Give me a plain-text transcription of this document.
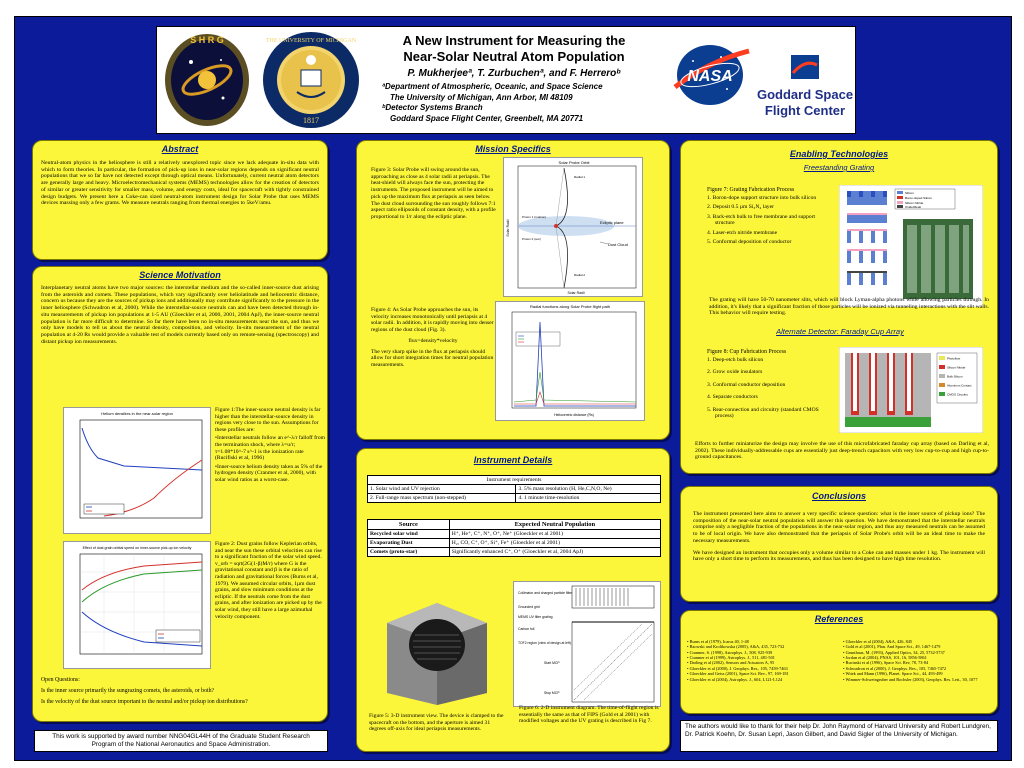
S H R G	THE UNIVERSITY OF MICHIGAN
1817
A New Instrument for Measuring the
Near-Solar Neutral Atom Population
P. Mukherjeeª, T. Zurbuchenª, and F. Herreroᵇ
ªDepartment of Atmospheric, Oceanic, and Space Science
The University of Michigan, Ann Arbor, MI 48109
ᵇDetector Systems Branch
Goddard Space Flight Center, Greenbelt, MA 20771
NASA
Goddard Space
Flight Center
Abstract
Neutral-atom physics in the heliosphere is still a relatively unexplored topic since we lack adequate in-situ data with which to form theories. In particular, the formation of pick-up ions in near-solar regions depends on significant neutral populations that we so far have not detected except through optical means. Unfortunately, current neutral atom detectors are generally large and heavy. Microelectromechanical systems (MEMS) technologies allow for the creation of detectors of similar or greater sensitivity for smaller mass, volume, and energy costs, ideal for spacecraft with tightly constrained design budgets. We present here a Coke-can sized neutral-atom instrument design for Solar Probe that uses MEMS devices massing only a few grams. We measure neutrals ranging from thermal energies to 5keV/amu.
Science Motivation
Interplanetary neutral atoms have two major sources: the interstellar medium and the so-called inner-source dust arising from the asteroids and comets. These populations, which vary significantly over heliolatitude and heliocentric distance, concern us because they are the sources of pickup ions and additionally may contribute significantly to the pressure in the inner heliosphere (Schwadron et al, 2000). While the interstellar-source neutrals can and have been detected through in-situ measurements of pickup ion populations at 1-5 AU (Gloeckler et al, 2000, 2001, 2004 ApJ), the inner-source neutral population is far more difficult to determine. So far there have been no in-situ measurements near the sun, and thus we only have models to tell us about the neutral density, composition, and velocity. In-situ measurement of the neutral population at 4-20 Rs would provide a valuable test of models currently based only on remote-sensing (spectroscopy) and distant pickup ion measurements.
Helium densities in the near-solar region
Figure 1:The inner-source neutral density is far higher than the interstellar-source density in regions very close to the sun. Assumptions for these profiles are:
•Interstellar neutrals follow an e^-λ/r falloff from the termination shock, where λ=u/τ; τ=1.08*10^-7 s^-1 is the ionization rate (Rucifiski et al, 1996)
•Inner-source helium density taken as 5% of the hydrogen density (Cranmer et al, 2000), with solar wind ratios as a worst-case.
Effect of dust grain orbital speed on inner-source pick-up ion velocity
Figure 2: Dust grains follow Keplerian orbits, and near the sun these orbital velocities can rise to a significant fraction of the solar wind speed. v_orb = sqrt(2G(1-β)M/r) where G is the gravitational constant and β is the ratio of radiation and gravitational forces (Burns et al, 1979). We assumed circular orbits, 1µm dust grains, and slow minimum conditions at the ecliptic. If the neutrals come from the dust grains, and after ionization are picked up by the solar wind, they still have a large azimuthal velocity component.
Open Questions:
Is the inner source primarily the sungrazing comets, the asteroids, or both?
Is the velocity of the dust source important to the neutral and/or pickup ion distributions?
This work is supported by award number NNG04GL44H of the Graduate Student Research Program of the National Aeronautics and Space Administration.
Mission Specifics
Figure 3: Solar Probe will swing around the sun, approaching as close as 4 solar radii at periapsis. The heat-shield will always face the sun, protecting the instruments. The proposed instrument will be aimed to pick up the maximum flux at periapsis as seen below. The dust cloud surrounding the sun roughly follows 7:1 aspect ratio ellipsoids of constant density, with a profile proportional to 1/r along the ecliptic plane.
Solar Probe Orbit
Solar Radii
Solar Radii
Ecliptic plane
Dust Cloud
Radial 1
Radial 2
Proton 1 (rotation)
Proton 2 (sun)
Figure 4: As Solar Probe approaches the sun, its velocity increases monotonically until periapsis at 4 solar radii. In addition, it is rapidly moving into denser regions of the dust cloud (Fig. 3).
flux=density*velocity
The very sharp spike in the flux at periapsis should allow for short integration times for neutral population measurements.
Radial functions along Solar Probe flight path
Heliocentric distance (Rs)
Instrument Details
Instrument requirements	
1. Solar wind and UV rejection	3. 5% mass resolution (H, He,C,N,O, Ne)
2. Full-range mass spectrum (non-stepped)	4. 1 minute time-resolution
Source	Expected Neutral Population
Recycled solar wind	H⁺, He⁺, C⁺, N⁺, O⁺, Ne⁺ (Gloeckler et al 2001)
Evaporating Dust	H₂, CO, C⁺, O⁺, Si⁺, Fe⁺ (Gloeckler et al 2001)
Comets (proto-star)	Significantly enhanced C⁺, O⁺ (Gloeckler et al, 2004 ApJ)
Collimator and charged particle filter
Grounded grid
MEMS UV filter grating
Carbon foil
TOF2 region (view of design at left)
Start MCP
Stop MCP
Figure 5: 3-D instrument view. The device is clamped to the spacecraft on the bottom, and the aperture is aimed 31 degrees off-axis for ideal periapsis measurements.
Figure 6: 2-D instrument diagram. The time-of-flight region is essentially the same as that of FIPS (Gold et al 2001) with modified voltages and the UV grating is described in Fig 7.
Enabling Technologies
Freestanding Grating
Figure 7: Grating Fabrication Process
1. Boron-dope support structure into bulk silicon
2. Deposit 0.5 µm Si₃N₄ layer
3. Back-etch bulk to free membrane and support structure
4. Laser-etch nitride membrane
5. Conformal deposition of conductor
Silicon
Boron-doped Silicon
Silicon Nitride
Oxide/Metal
The grating will have 50-70 nanometer slits, which will block Lyman-alpha photons while allowing particles through. In addition, it's likely that a significant fraction of those particles will be ionized via tunneling interactions with the slit walls. This behavior will require testing.
Alternate Detector: Faraday Cup Array
Figure 8: Cup Fabrication Process
1. Deep-etch bulk silicon
2. Grow oxide insulators
3. Conformal conductor deposition
4. Separate conductors
5. Rear-connection and circuitry (standard CMOS process)
Photoflow
Silicon Nitride
Bulk Silicon
Aluminum Contact
CMOS Circuitry
Efforts to further miniaturize the design may involve the use of this microfabricated faraday cup array (based on Darling et al, 2002). These individually-addressable cups are essentially just deep-trench capacitors with very low cup-to-cup and high cup-to-ground capacitances.
Conclusions
The instrument presented here aims to answer a very specific science question: what is the inner source of pickup ions? The composition of the near-solar neutral population will answer this question. We have demonstrated that the interstellar neutrals comprise only a negligible fraction of the populations in the near-solar region, and thus any measured neutrals can be assumed to be of local origin. We have also demonstrated that the periapsis of Solar Probe's orbit will be an ideal time to make the necessary measurements.
We have designed an instrument that occupies only a volume similar to a Coke can and masses under 1 kg. The instrument will have only a short time to perform its measurements, and thus has been designed to have high time resolution.
References
• Burns et al (1979), Icarus 40, 1-48
• Bzowski and Krolikowska (2005), A&A, 435, 723-732
• Cranmer, S. (1998), Astrophys. J., 508, 925-939
• Cranmer et al (1999), Astrophys. J., 511, 481-501
• Darling et al (2002), Sensors and Actuators A, 95
• Gloeckler et al (2000), J. Geophys. Res., 105, 7459-7463
• Gloeckler and Geiss (2001), Space Sci. Rev., 97, 169-181
• Gloeckler et al (2004), Astrophys. J., 604, L121-L124
• Gloeckler et al (2004), A&A, 426, 845
• Gold et al (2001), Plan. And Space Sci., 49, 1467-1479
• Grunthaus, M. (1993), Applied Optics, 34, 25, 5732-5737
• Jordan et al (2004), PNAS, 101, 16, 5856-5861
• Rucinski et al (1996), Space Sci. Rev, 78, 73-84
• Schwadron et al (2000), J. Geophys. Res., 105, 7465-7472
• Witek and Mann (1996), Planet. Space Sci., 44, 493-499
• Wimmer-Schweingruber and Bochsler (2003), Geophys. Res. Lett., 30, 1077
The authors would like to thank for their help Dr. John Raymond of Harvard University and Robert Lundgren, Dr. Patrick Koehn, Dr. Susan Lepri, Jason Gilbert, and David Sigler of the University of Michigan.
